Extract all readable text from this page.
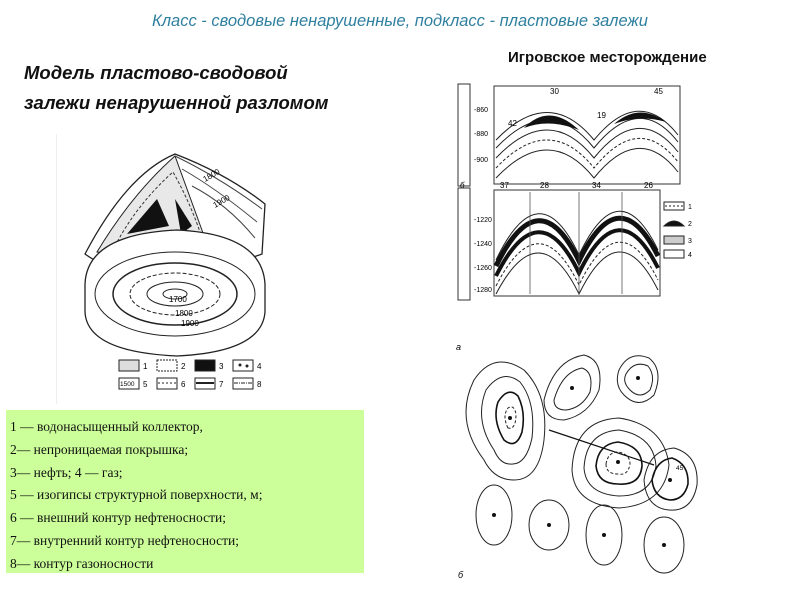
Класс - сводовые ненарушенные, подкласс - пластовые залежи
Модель пластово-сводовой
залежи ненарушенной разломом
Игровское месторождение
1800
1900
1700
1800
1900
1	2	3	4
1500 5	6	7	8
-860
-880
-900
-1220
-1240
-1260
-1280
30
42
19
45
б	37	28	34	26
1
2
3
4
а
45
б
1 — водонасыщенный коллектор,
2— непроницаемая покрышка;
3— нефть; 4 — газ;
5 — изогипсы структурной поверхности, м;
6 — внешний контур нефтеносности;
7— внутренний контур нефтеносности;
8— контур газоносности
